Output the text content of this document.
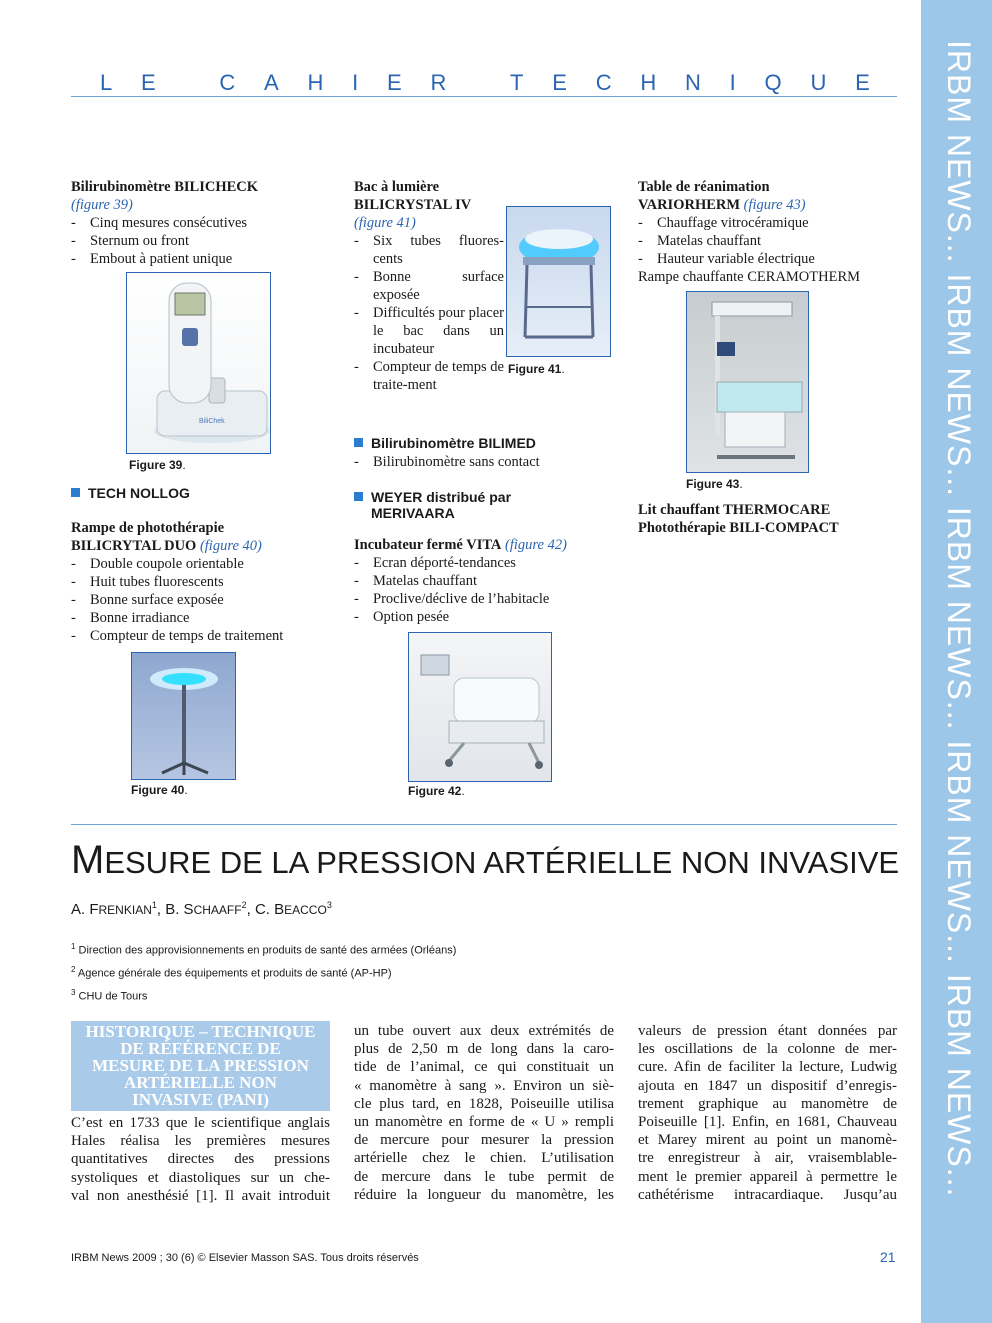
IRBM NEWS... IRBM NEWS... IRBM NEWS... IRBM NEWS... IRBM NEWS...
L E
	C A H I E R
	T E C H N I Q U E
Bilirubinomètre BILICHECK
(figure 39)
- Cinq mesures consécutives
- Sternum ou front
- Embout à patient unique
BiliChek
Figure 39.
TECH NOLLOG
Rampe de photothérapie
BILICRYTAL DUO (figure 40)
- Double coupole orientable
- Huit tubes fluorescents
- Bonne surface exposée
- Bonne irradiance
- Compteur de temps de traitement
Figure 40.
Bac à lumière
BILICRYSTAL IV
(figure 41)
- Six tubes fluores-cents
- Bonne surface exposée
- Difficultés pour placer le bac dans un incubateur
- Compteur de temps de traite-ment
Figure 41.
Bilirubinomètre BILIMED
- Bilirubinomètre sans contact
WEYER distribué par MERIVAARA
Incubateur fermé VITA (figure 42)
- Ecran déporté-tendances
- Matelas chauffant
- Proclive/déclive de l’habitacle
- Option pesée
Figure 42.
Table de réanimation
VARIORHERM (figure 43)
- Chauffage vitrocéramique
- Matelas chauffant
- Hauteur variable électrique
Rampe chauffante CERAMOTHERM
Figure 43.
Lit chauffant THERMOCARE
Photothérapie BILI-COMPACT
MESURE DE LA PRESSION ARTÉRIELLE NON INVASIVE
A. FRENKIAN$^1$, B. SCHAAFF$^2$, C. BEACCO$^3$
$^1$ Direction des approvisionnements en produits de santé des armées (Orléans)
$^2$ Agence générale des équipements et produits de santé (AP-HP)
$^3$ CHU de Tours
HISTORIQUE – TECHNIQUE
DE RÉFÉRENCE DE
MESURE DE LA PRESSION
ARTÉRIELLE NON
INVASIVE (PANI)
C’est en 1733 que le scientifique anglais
Hales réalisa les premières mesures
quantitatives directes des pressions
systoliques et diastoliques sur un che-
val non anesthésié [1]. Il avait introduit
un tube ouvert aux deux extrémités de
plus de 2,50 m de long dans la caro-
tide de l’animal, ce qui constituait un
« manomètre à sang ». Environ un siè-
cle plus tard, en 1828, Poiseuille utilisa
un manomètre en forme de « U » rempli
de mercure pour mesurer la pression
artérielle chez le chien. L’utilisation
de mercure dans le tube permit de
réduire la longueur du manomètre, les
valeurs de pression étant données par
les oscillations de la colonne de mer-
cure. Afin de faciliter la lecture, Ludwig
ajouta en 1847 un dispositif d’enregis-
trement graphique au manomètre de
Poiseuille [1]. Enfin, en 1681, Chauveau
et Marey mirent au point un manomè-
tre enregistreur à air, vraisemblable-
ment le premier appareil à permettre le
cathétérisme intracardiaque. Jusqu’au
IRBM News 2009 ; 30 (6) © Elsevier Masson SAS. Tous droits réservés	21
